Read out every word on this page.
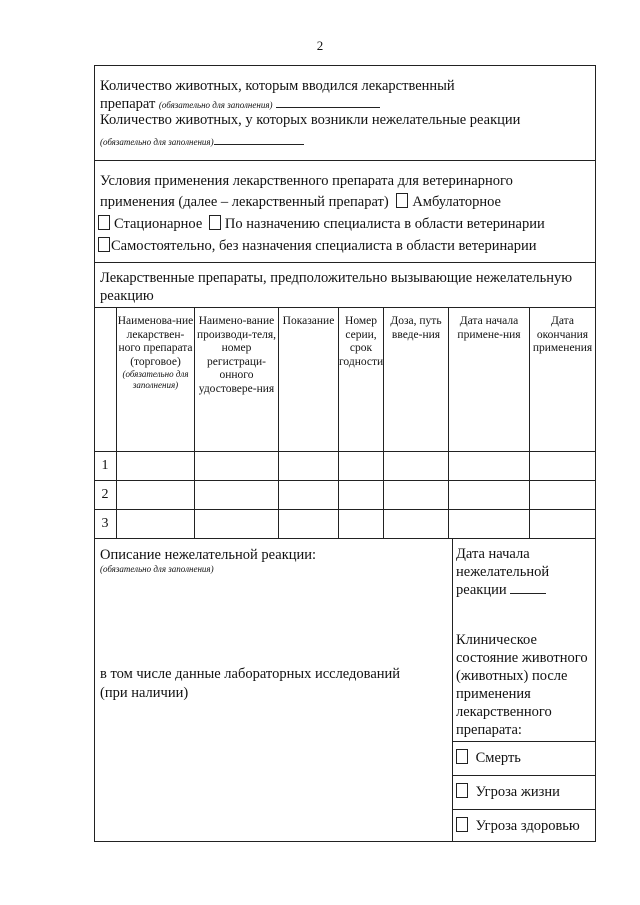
2
Количество животных, которым вводился лекарственный
препарат (обязательно для заполнения)
Количество животных, у которых возникли нежелательные реакции
(обязательно для заполнения)
Условия применения лекарственного препарата для ветеринарного
применения (далее – лекарственный препарат) Амбулаторное
Стационарное По назначению специалиста в области ветеринарии
Самостоятельно, без назначения специалиста в области ветеринарии
Лекарственные препараты, предположительно вызывающие нежелательную
реакцию
Наименова-ние лекарствен-ного препарата (торговое)
(обязательно для заполнения)
Наимено-вание производи-теля, номер регистраци-онного удостовере-ния
Номер серии, срок годности
Доза, путь введе-ния
Дата начала примене-ния
Дата окончания применения
Показание
1
2
3
Описание нежелательной реакции:
(обязательно для заполнения)
в том числе данные лабораторных исследований
(при наличии)
Дата начала
нежелательной
реакции
Клиническое
состояние животного
(животных) после
применения
лекарственного
препарата:
Смерть
Угроза жизни
Угроза здоровью
